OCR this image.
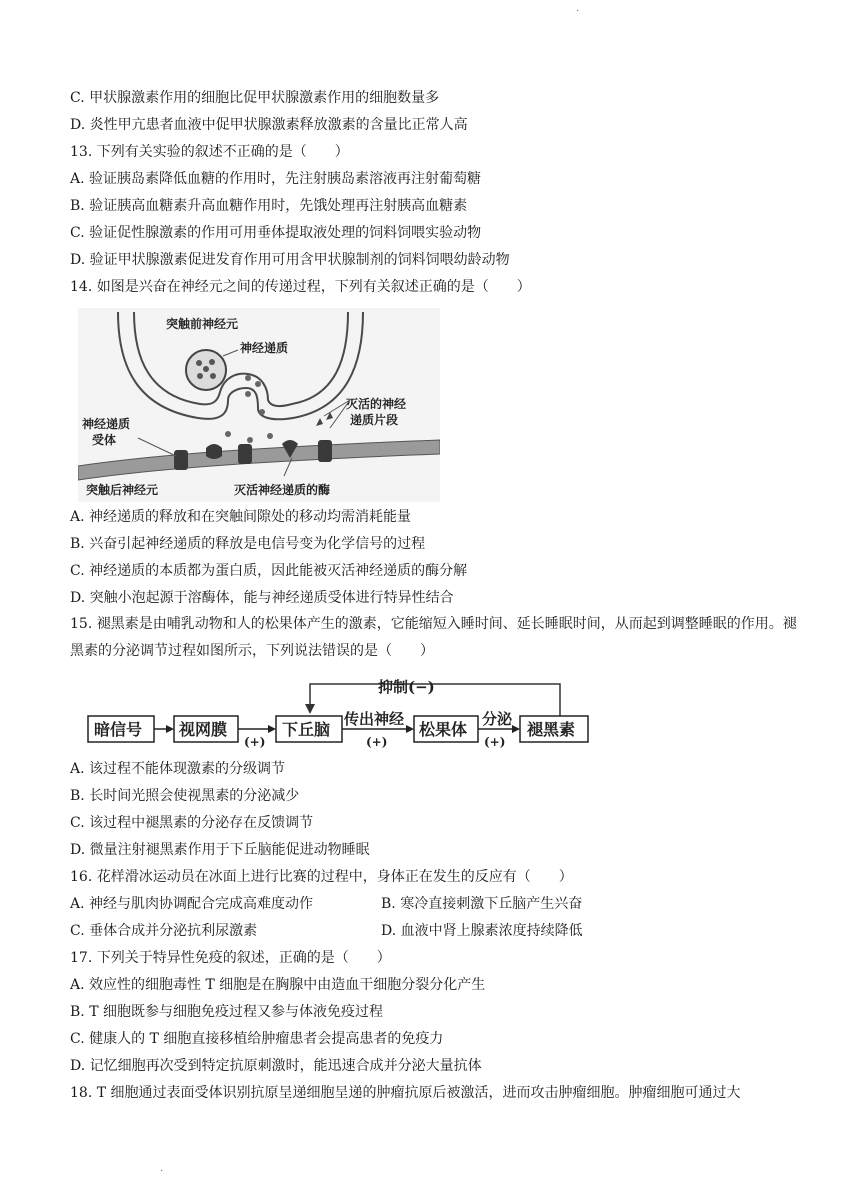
·
C. 甲状腺激素作用的细胞比促甲状腺激素作用的细胞数量多
D. 炎性甲亢患者血液中促甲状腺激素释放激素的含量比正常人高
13. 下列有关实验的叙述不正确的是（　　）
A. 验证胰岛素降低血糖的作用时，先注射胰岛素溶液再注射葡萄糖
B. 验证胰高血糖素升高血糖作用时，先饿处理再注射胰高血糖素
C. 验证促性腺激素的作用可用垂体提取液处理的饲料饲喂实验动物
D. 验证甲状腺激素促进发育作用可用含甲状腺制剂的饲料饲喂幼龄动物
14. 如图是兴奋在神经元之间的传递过程，下列有关叙述正确的是（　　）
突触前神经元
神经递质
灭活的神经
递质片段
神经递质
受体
突触后神经元	灭活神经递质的酶
A. 神经递质的释放和在突触间隙处的移动均需消耗能量
B. 兴奋引起神经递质的释放是电信号变为化学信号的过程
C. 神经递质的本质都为蛋白质，因此能被灭活神经递质的酶分解
D. 突触小泡起源于溶酶体，能与神经递质受体进行特异性结合
15. 褪黑素是由哺乳动物和人的松果体产生的激素，它能缩短入睡时间、延长睡眠时间，从而起到调整睡眠的作用。褪黑素的分泌调节过程如图所示，下列说法错误的是（　　）
抑制(−)
暗信号 视网膜	下丘脑	松果体	褪黑素
(+)
传出神经
(+)
分泌
(+)
A. 该过程不能体现激素的分级调节
B. 长时间光照会使视黑素的分泌减少
C. 该过程中褪黑素的分泌存在反馈调节
D. 微量注射褪黑素作用于下丘脑能促进动物睡眠
16. 花样滑冰运动员在冰面上进行比赛的过程中，身体正在发生的反应有（　　）
A. 神经与肌肉协调配合完成高难度动作	B. 寒冷直接刺激下丘脑产生兴奋
C. 垂体合成并分泌抗利尿激素	D. 血液中肾上腺素浓度持续降低
17. 下列关于特异性免疫的叙述，正确的是（　　）
A. 效应性的细胞毒性 T 细胞是在胸腺中由造血干细胞分裂分化产生
B. T 细胞既参与细胞免疫过程又参与体液免疫过程
C. 健康人的 T 细胞直接移植给肿瘤患者会提高患者的免疫力
D. 记忆细胞再次受到特定抗原刺激时，能迅速合成并分泌大量抗体
18. T 细胞通过表面受体识别抗原呈递细胞呈递的肿瘤抗原后被激活，进而攻击肿瘤细胞。肿瘤细胞可通过大
·
